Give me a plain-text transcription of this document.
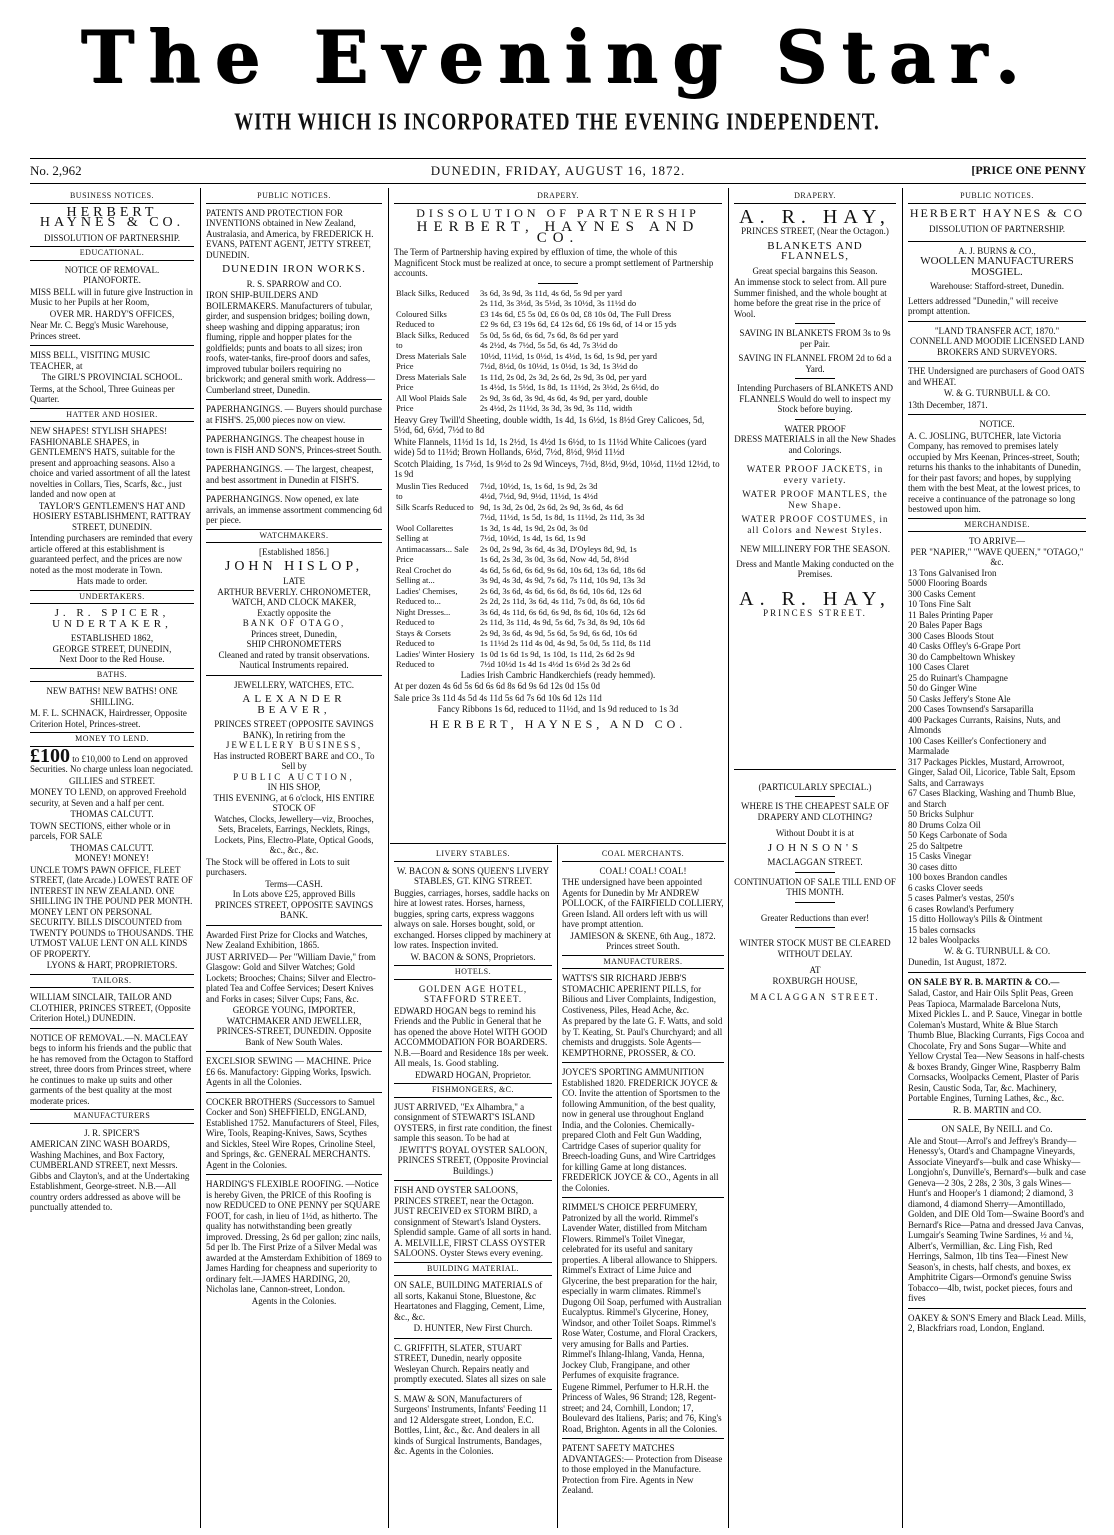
The Evening Star.
WITH WHICH IS INCORPORATED THE EVENING INDEPENDENT.
No. 2,962	DUNEDIN, FRIDAY, AUGUST 16, 1872.	[PRICE ONE PENNY
BUSINESS NOTICES.
HERBERT HAYNES & CO.
DISSOLUTION OF PARTNERSHIP.
EDUCATIONAL.
NOTICE OF REMOVAL.
PIANOFORTE.
MISS BELL will in future give Instruction in Music to her Pupils at her Room,
OVER MR. HARDY'S OFFICES,
Near Mr. C. Begg's Music Warehouse, Princes street.
MISS BELL, VISITING MUSIC TEACHER, at
The GIRL'S PROVINCIAL SCHOOL.
Terms, at the School, Three Guineas per Quarter.
HATTER AND HOSIER.
NEW SHAPES! STYLISH SHAPES! FASHIONABLE SHAPES, in GENTLEMEN'S HATS, suitable for the present and approaching seasons. Also a choice and varied assortment of all the latest novelties in Collars, Ties, Scarfs, &c., just landed and now open at
TAYLOR'S GENTLEMEN'S HAT AND HOSIERY ESTABLISHMENT, RATTRAY STREET, DUNEDIN.
Intending purchasers are reminded that every article offered at this establishment is guaranteed perfect, and the prices are now noted as the most moderate in Town.
Hats made to order.
UNDERTAKERS.
J. R. SPICER, UNDERTAKER,
ESTABLISHED 1862,
GEORGE STREET, DUNEDIN,
Next Door to the Red House.
BATHS.
NEW BATHS! NEW BATHS! ONE SHILLING.
M. F. L. SCHNACK, Hairdresser, Opposite Criterion Hotel, Princes-street.
MONEY TO LEND.
£100 to £10,000 to Lend on approved Securities. No charge unless loan negociated.
GILLIES and STREET.
MONEY TO LEND, on approved Freehold security, at Seven and a half per cent.
THOMAS CALCUTT.
TOWN SECTIONS, either whole or in parcels, FOR SALE
THOMAS CALCUTT.
MONEY! MONEY!
UNCLE TOM'S PAWN OFFICE, FLEET STREET, (late Arcade.) LOWEST RATE OF INTEREST IN NEW ZEALAND. ONE SHILLING IN THE POUND PER MONTH. MONEY LENT ON PERSONAL SECURITY. BILLS DISCOUNTED from TWENTY POUNDS to THOUSANDS. THE UTMOST VALUE LENT ON ALL KINDS OF PROPERTY.
LYONS & HART, PROPRIETORS.
TAILORS.
WILLIAM SINCLAIR, TAILOR AND CLOTHIER, PRINCES STREET, (Opposite Criterion Hotel,) DUNEDIN.
NOTICE OF REMOVAL.—N. MACLEAY begs to inform his friends and the public that he has removed from the Octagon to Stafford street, three doors from Princes street, where he continues to make up suits and other garments of the best quality at the most moderate prices.
MANUFACTURERS
J. R. SPICER'S
AMERICAN ZINC WASH BOARDS, Washing Machines, and Box Factory, CUMBERLAND STREET, next Messrs. Gibbs and Clayton's, and at the Undertaking Establishment, George-street. N.B.—All country orders addressed as above will be punctually attended to.
PUBLIC NOTICES.
PATENTS AND PROTECTION FOR INVENTIONS obtained in New Zealand, Australasia, and America, by FREDERICK H. EVANS, PATENT AGENT, JETTY STREET, DUNEDIN.
DUNEDIN IRON WORKS.
R. S. SPARROW and CO.
IRON SHIP-BUILDERS AND BOILERMAKERS. Manufacturers of tubular, girder, and suspension bridges; boiling down, sheep washing and dipping apparatus; iron fluming, ripple and hopper plates for the goldfields; punts and boats to all sizes; iron roofs, water-tanks, fire-proof doors and safes, improved tubular boilers requiring no brickwork; and general smith work. Address—Cumberland street, Dunedin.
PAPERHANGINGS. — Buyers should purchase at FISH'S. 25,000 pieces now on view.
PAPERHANGINGS. The cheapest house in town is FISH AND SON'S, Princes-street South.
PAPERHANGINGS. — The largest, cheapest, and best assortment in Dunedin at FISH'S.
PAPERHANGINGS. Now opened, ex late arrivals, an immense assortment commencing 6d per piece.
WATCHMAKERS.
[Established 1856.]
JOHN HISLOP,
LATE
ARTHUR BEVERLY. CHRONOMETER, WATCH, AND CLOCK MAKER,
Exactly opposite the
BANK OF OTAGO,
Princes street, Dunedin,
SHIP CHRONOMETERS
Cleaned and rated by transit observations. Nautical Instruments repaired.
JEWELLERY, WATCHES, ETC.
ALEXANDER BEAVER,
PRINCES STREET (OPPOSITE SAVINGS BANK), In retiring from the
JEWELLERY BUSINESS,
Has instructed ROBERT BARE and CO., To Sell by
PUBLIC AUCTION,
IN HIS SHOP,
THIS EVENING, at 6 o'clock, HIS ENTIRE STOCK OF
Watches, Clocks, Jewellery—viz, Brooches, Sets, Bracelets, Earrings, Necklets, Rings, Lockets, Pins, Electro-Plate, Optical Goods, &c., &c., &c.
The Stock will be offered in Lots to suit purchasers.
Terms—CASH.
In Lots above £25, approved Bills
PRINCES STREET, OPPOSITE SAVINGS BANK.
Awarded First Prize for Clocks and Watches, New Zealand Exhibition, 1865.
JUST ARRIVED— Per "William Davie," from Glasgow: Gold and Silver Watches; Gold Lockets; Brooches; Chains; Silver and Electro-plated Tea and Coffee Services; Desert Knives and Forks in cases; Silver Cups; Fans, &c.
GEORGE YOUNG, IMPORTER, WATCHMAKER AND JEWELLER, PRINCES-STREET, DUNEDIN. Opposite Bank of New South Wales.
EXCELSIOR SEWING — MACHINE. Price £6 6s. Manufactory: Gipping Works, Ipswich. Agents in all the Colonies.
COCKER BROTHERS (Successors to Samuel Cocker and Son) SHEFFIELD, ENGLAND, Established 1752. Manufacturers of Steel, Files, Wire, Tools, Reaping-Knives, Saws, Scythes and Sickles, Steel Wire Ropes, Crinoline Steel, and Springs, &c. GENERAL MERCHANTS. Agent in the Colonies.
HARDING'S FLEXIBLE ROOFING. —Notice is hereby Given, the PRICE of this Roofing is now REDUCED to ONE PENNY per SQUARE FOOT, for cash, in lieu of 1½d, as hitherto. The quality has notwithstanding been greatly improved. Dressing, 2s 6d per gallon; zinc nails, 5d per lb. The First Prize of a Silver Medal was awarded at the Amsterdam Exhibition of 1869 to James Harding for cheapness and superiority to ordinary felt.—JAMES HARDING, 20, Nicholas lane, Cannon-street, London.
Agents in the Colonies.
DRAPERY.
DISSOLUTION OF PARTNERSHIP
HERBERT, HAYNES AND CO.
The Term of Partnership having expired by effluxion of time, the whole of this Magnificent Stock must be realized at once, to secure a prompt settlement of Partnership accounts.
Black Silks, Reduced	3s 6d, 3s 9d, 3s 11d, 4s 6d, 5s 9d per yard
2s 11d, 3s 3½d, 3s 5½d, 3s 10½d, 3s 11½d do

Coloured Silks Reduced to	£3 14s 6d, £5 5s 0d, £6 0s 0d, £8 10s 0d, The Full Dress
£2 9s 6d, £3 19s 6d, £4 12s 6d, £6 19s 6d, of 14 or 15 yds

Black Silks, Reduced to	5s 0d, 5s 6d, 6s 6d, 7s 6d, 8s 6d per yard
4s 2½d, 4s 7½d, 5s 5d, 6s 4d, 7s 3½d do

Dress Materials Sale Price	10½d, 11½d, 1s 0½d, 1s 4½d, 1s 6d, 1s 9d, per yard
7½d, 8½d, 0s 10½d, 1s 0½d, 1s 3d, 1s 3½d do

Dress Materials Sale Price	1s 11d, 2s 0d, 2s 3d, 2s 6d, 2s 9d, 3s 0d, per yard
1s 4½d, 1s 5½d, 1s 8d, 1s 11½d, 2s 3½d, 2s 6½d, do

All Wool Plaids Sale Price	2s 9d, 3s 6d, 3s 9d, 4s 6d, 4s 9d, per yard, double
2s 4½d, 2s 11½d, 3s 3d, 3s 9d, 3s 11d, width
Heavy Grey Twill'd Sheeting, double width, 1s 4d, 1s 6½d, 1s 8½d Grey Calicoes, 5d, 5½d, 6d, 6½d, 7½d to 8d
White Flannels, 11½d 1s 1d, 1s 2½d, 1s 4½d 1s 6½d, to 1s 11½d White Calicoes (yard wide) 5d to 11½d; Brown Hollands, 6½d, 7½d, 8½d, 9½d 11½d
Scotch Plaiding, 1s 7½d, 1s 9½d to 2s 9d Winceys, 7½d, 8½d, 9½d, 10½d, 11½d 12½d, to 1s 9d
Muslin Ties Reduced to	7½d, 10½d, 1s, 1s 6d, 1s 9d, 2s 3d
4½d, 7½d, 9d, 9½d, 11½d, 1s 4½d

Silk Scarfs Reduced to	9d, 1s 3d, 2s 0d, 2s 6d, 2s 9d, 3s 6d, 4s 6d
7½d, 11½d, 1s 5d, 1s 8d, 1s 11½d, 2s 11d, 3s 3d

Wool Collarettes Selling at	1s 3d, 1s 4d, 1s 9d, 2s 0d, 3s 0d
7½d, 10½d, 1s 4d, 1s 6d, 1s 9d

Antimacassars... Sale Price	2s 0d, 2s 9d, 3s 6d, 4s 3d, D'Oyleys 8d, 9d, 1s
1s 6d, 2s 3d, 3s 0d, 3s 6d, Now 4d, 5d, 8½d

Real Crochet do Selling at...	4s 6d, 5s 6d, 6s 6d, 9s 6d, 10s 6d, 13s 6d, 18s 6d
3s 9d, 4s 3d, 4s 9d, 7s 6d, 7s 11d, 10s 9d, 13s 3d

Ladies' Chemises, Reduced to...	2s 6d, 3s 6d, 4s 6d, 6s 6d, 8s 6d, 10s 6d, 12s 6d
2s 2d, 2s 11d, 3s 6d, 4s 11d, 7s 0d, 8s 6d, 10s 6d

Night Dresses... Reduced to	3s 6d, 4s 11d, 6s 6d, 6s 9d, 8s 6d, 10s 6d, 12s 6d
2s 11d, 3s 11d, 4s 9d, 5s 6d, 7s 3d, 8s 9d, 10s 6d

Stays & Corsets Reduced to	2s 9d, 3s 6d, 4s 9d, 5s 6d, 5s 9d, 6s 6d, 10s 6d
1s 11½d 2s 11d 4s 0d, 4s 9d, 5s 0d, 5s 11d, 8s 11d

Ladies' Winter Hosiery Reduced to	1s 0d 1s 6d 1s 9d, 1s 10d, 1s 11d, 2s 6d 2s 9d
7½d 10½d 1s 4d 1s 4½d 1s 6½d 2s 3d 2s 6d
Ladies Irish Cambric Handkerchiefs (ready hemmed).
At per dozen 4s 6d 5s 6d 6s 6d 8s 6d 9s 6d 12s 0d 15s 0d
Sale price 3s 11d 4s 5d 4s 11d 5s 6d 7s 6d 10s 6d 12s 11d
Fancy Ribbons 1s 6d, reduced to 11½d, and 1s 9d reduced to 1s 3d
HERBERT, HAYNES, AND CO.
LIVERY STABLES.
W. BACON & SONS QUEEN'S LIVERY STABLES, GT. KING STREET.
Buggies, carriages, horses, saddle hacks on hire at lowest rates. Horses, harness, buggies, spring carts, express waggons always on sale. Horses bought, sold, or exchanged. Horses clipped by machinery at low rates. Inspection invited.
W. BACON & SONS, Proprietors.
HOTELS.
GOLDEN AGE HOTEL, STAFFORD STREET.
EDWARD HOGAN begs to remind his Friends and the Public in General that he has opened the above Hotel WITH GOOD ACCOMMODATION FOR BOARDERS. N.B.—Board and Residence 18s per week. All meals, 1s. Good stabling.
EDWARD HOGAN, Proprietor.
FISHMONGERS, &C.
JUST ARRIVED, "Ex Alhambra," a consignment of STEWART'S ISLAND OYSTERS, in first rate condition, the finest sample this season. To be had at
JEWITT'S ROYAL OYSTER SALOON, PRINCES STREET, (Opposite Provincial Buildings.)
FISH AND OYSTER SALOONS, PRINCES STREET, near the Octagon. JUST RECEIVED ex STORM BIRD, a consignment of Stewart's Island Oysters. Splendid sample. Game of all sorts in hand. A. MELVILLE, FIRST CLASS OYSTER SALOONS. Oyster Stews every evening.
BUILDING MATERIAL.
ON SALE, BUILDING MATERIALS of all sorts, Kakanui Stone, Bluestone, &c Heartatones and Flagging, Cement, Lime, &c., &c.
D. HUNTER, New First Church.
C. GRIFFITH, SLATER, STUART STREET, Dunedin, nearly opposite Wesleyan Church. Repairs neatly and promptly executed. Slates all sizes on sale
S. MAW & SON, Manufacturers of Surgeons' Instruments, Infants' Feeding 11 and 12 Aldersgate street, London, E.C. Bottles, Lint, &c., &c. And dealers in all kinds of Surgical Instruments, Bandages, &c. Agents in the Colonies.
COAL MERCHANTS.
COAL! COAL! COAL!
THE undersigned have been appointed Agents for Dunedin by Mr ANDREW POLLOCK, of the FAIRFIELD COLLIERY, Green Island. All orders left with us will have prompt attention.
JAMIESON & SKENE, 6th Aug., 1872. Princes street South.
MANUFACTURERS.
WATTS'S SIR RICHARD JEBB'S STOMACHIC APERIENT PILLS, for Bilious and Liver Complaints, Indigestion, Costiveness, Piles, Head Ache, &c.
As prepared by the late G. F. Watts, and sold by T. Keating, St. Paul's Churchyard; and all chemists and druggists. Sole Agents— KEMPTHORNE, PROSSER, & CO.
JOYCE'S SPORTING AMMUNITION Established 1820. FREDERICK JOYCE & CO. Invite the attention of Sportsmen to the following Ammunition, of the best quality, now in general use throughout England India, and the Colonies. Chemically-prepared Cloth and Felt Gun Wadding, Cartridge Cases of superior quality for Breech-loading Guns, and Wire Cartridges for killing Game at long distances. FREDERICK JOYCE & CO., Agents in all the Colonies.
RIMMEL'S CHOICE PERFUMERY, Patronized by all the world. Rimmel's Lavender Water, distilled from Mitcham Flowers. Rimmel's Toilet Vinegar, celebrated for its useful and sanitary properties. A liberal allowance to Shippers. Rimmel's Extract of Lime Juice and Glycerine, the best preparation for the hair, especially in warm climates. Rimmel's Dugong Oil Soap, perfumed with Australian Eucalyptus. Rimmel's Glycerine, Honey, Windsor, and other Toilet Soaps. Rimmel's Rose Water, Costume, and Floral Crackers, very amusing for Balls and Parties. Rimmel's Ihlang-Ihlang, Vanda, Henna, Jockey Club, Frangipane, and other Perfumes of exquisite fragrance.
Eugene Rimmel, Perfumer to H.R.H. the Princess of Wales, 96 Strand; 128, Regent-street; and 24, Cornhill, London; 17, Boulevard des Italiens, Paris; and 76, King's Road, Brighton. Agents in all the Colonies.
PATENT SAFETY MATCHES ADVANTAGES:— Protection from Disease to those employed in the Manufacture. Protection from Fire. Agents in New Zealand.
DRAPERY.
A. R. HAY,
PRINCES STREET, (Near the Octagon.)
BLANKETS AND FLANNELS,
Great special bargains this Season.
An immense stock to select from. All pure Summer finished, and the whole bought at home before the great rise in the price of Wool.
SAVING IN BLANKETS FROM 3s to 9s per Pair.
SAVING IN FLANNEL FROM 2d to 6d a Yard.
Intending Purchasers of BLANKETS AND FLANNELS Would do well to inspect my Stock before buying.
WATER PROOF
DRESS MATERIALS in all the New Shades and Colorings.
WATER PROOF JACKETS, in every variety.
WATER PROOF MANTLES, the New Shape.
WATER PROOF COSTUMES, in all Colors and Newest Styles.
NEW MILLINERY FOR THE SEASON.
Dress and Mantle Making conducted on the Premises.
A. R. HAY,
PRINCES STREET.
(PARTICULARLY SPECIAL.)
WHERE IS THE CHEAPEST SALE OF DRAPERY AND CLOTHING?
Without Doubt it is at
JOHNSON'S
MACLAGGAN STREET.
CONTINUATION OF SALE TILL END OF THIS MONTH.
Greater Reductions than ever!
WINTER STOCK MUST BE CLEARED WITHOUT DELAY.
AT
ROXBURGH HOUSE,
MACLAGGAN STREET.
PUBLIC NOTICES.
HERBERT HAYNES & CO
DISSOLUTION OF PARTNERSHIP.
A. J. BURNS & CO.,
WOOLLEN MANUFACTURERS MOSGIEL.
Warehouse: Stafford-street, Dunedin.
Letters addressed "Dunedin," will receive prompt attention.
"LAND TRANSFER ACT, 1870."
CONNELL AND MOODIE LICENSED LAND BROKERS AND SURVEYORS.
THE Undersigned are purchasers of Good OATS and WHEAT.
W. & G. TURNBULL & CO.
13th December, 1871.
NOTICE.
A. C. JOSLING, BUTCHER, late Victoria Company, has removed to premises lately occupied by Mrs Keenan, Princes-street, South; returns his thanks to the inhabitants of Dunedin, for their past favors; and hopes, by supplying them with the best Meat, at the lowest prices, to receive a continuance of the patronage so long bestowed upon him.
MERCHANDISE.
TO ARRIVE—
PER "NAPIER," "WAVE QUEEN," "OTAGO," &c.
13 Tons Galvanised Iron
5000 Flooring Boards
300 Casks Cement
10 Tons Fine Salt
11 Bales Printing Paper
20 Bales Paper Bags
300 Cases Bloods Stout
40 Casks Offley's 6-Grape Port
30 do Campbeltown Whiskey
100 Cases Claret
25 do Ruinart's Champagne
50 do Ginger Wine
50 Casks Jeffery's Stone Ale
200 Cases Townsend's Sarsaparilla
400 Packages Currants, Raisins, Nuts, and Almonds
100 Cases Keiller's Confectionery and Marmalade
317 Packages Pickles, Mustard, Arrowroot, Ginger, Salad Oil, Licorice, Table Salt, Epsom Salts, and Carraways
67 Cases Blacking, Washing and Thumb Blue, and Starch
50 Bricks Sulphur
80 Drums Colza Oil
50 Kegs Carbonate of Soda
25 do Saltpetre
15 Casks Vinegar
30 cases ditto
100 boxes Brandon candles
6 casks Clover seeds
5 cases Palmer's vestas, 250's
6 cases Rowland's Perfumery
15 ditto Holloway's Pills & Ointment
15 bales cornsacks
12 bales Woolpacks
W. & G. TURNBULL & CO.
Dunedin, 1st August, 1872.
ON SALE BY R. B. MARTIN & CO.—
Salad, Castor, and Hair Oils Split Peas, Green Peas Tapioca, Marmalade Barcelona Nuts, Mixed Pickles L. and P. Sauce, Vinegar in bottle Coleman's Mustard, White & Blue Starch Thumb Blue, Blacking Currants, Figs Cocoa and Chocolate, Fry and Sons Sugar—White and Yellow Crystal Tea—New Seasons in half-chests & boxes Brandy, Ginger Wine, Raspberry Balm Cornsacks, Woolpacks Cement, Plaster of Paris Resin, Caustic Soda, Tar, &c. Machinery, Portable Engines, Turning Lathes, &c., &c.
R. B. MARTIN and CO.
ON SALE, By NEILL and Co.
Ale and Stout—Arrol's and Jeffrey's Brandy—Henessy's, Otard's and Champagne Vineyards, Associate Vineyard's—bulk and case Whisky—Longjohn's, Dunville's, Bernard's—bulk and case Geneva—2 30s, 2 28s, 2 30s, 3 gals Wines—Hunt's and Hooper's 1 diamond; 2 diamond, 3 diamond, 4 diamond Sherry—Amontillado, Golden, and DIE Old Tom—Swaine Boord's and Bernard's Rice—Patna and dressed Java Canvas, Lumgair's Seaming Twine Sardines, ½ and ¼, Albert's, Vermillian, &c. Ling Fish, Red Herrings, Salmon, 1lb tins Tea—Finest New Season's, in chests, half chests, and boxes, ex Amphitrite Cigars—Ormond's genuine Swiss Tobacco—4lb, twist, pocket pieces, fours and fives
OAKEY & SON'S Emery and Black Lead. Mills, 2, Blackfriars road, London, England.
